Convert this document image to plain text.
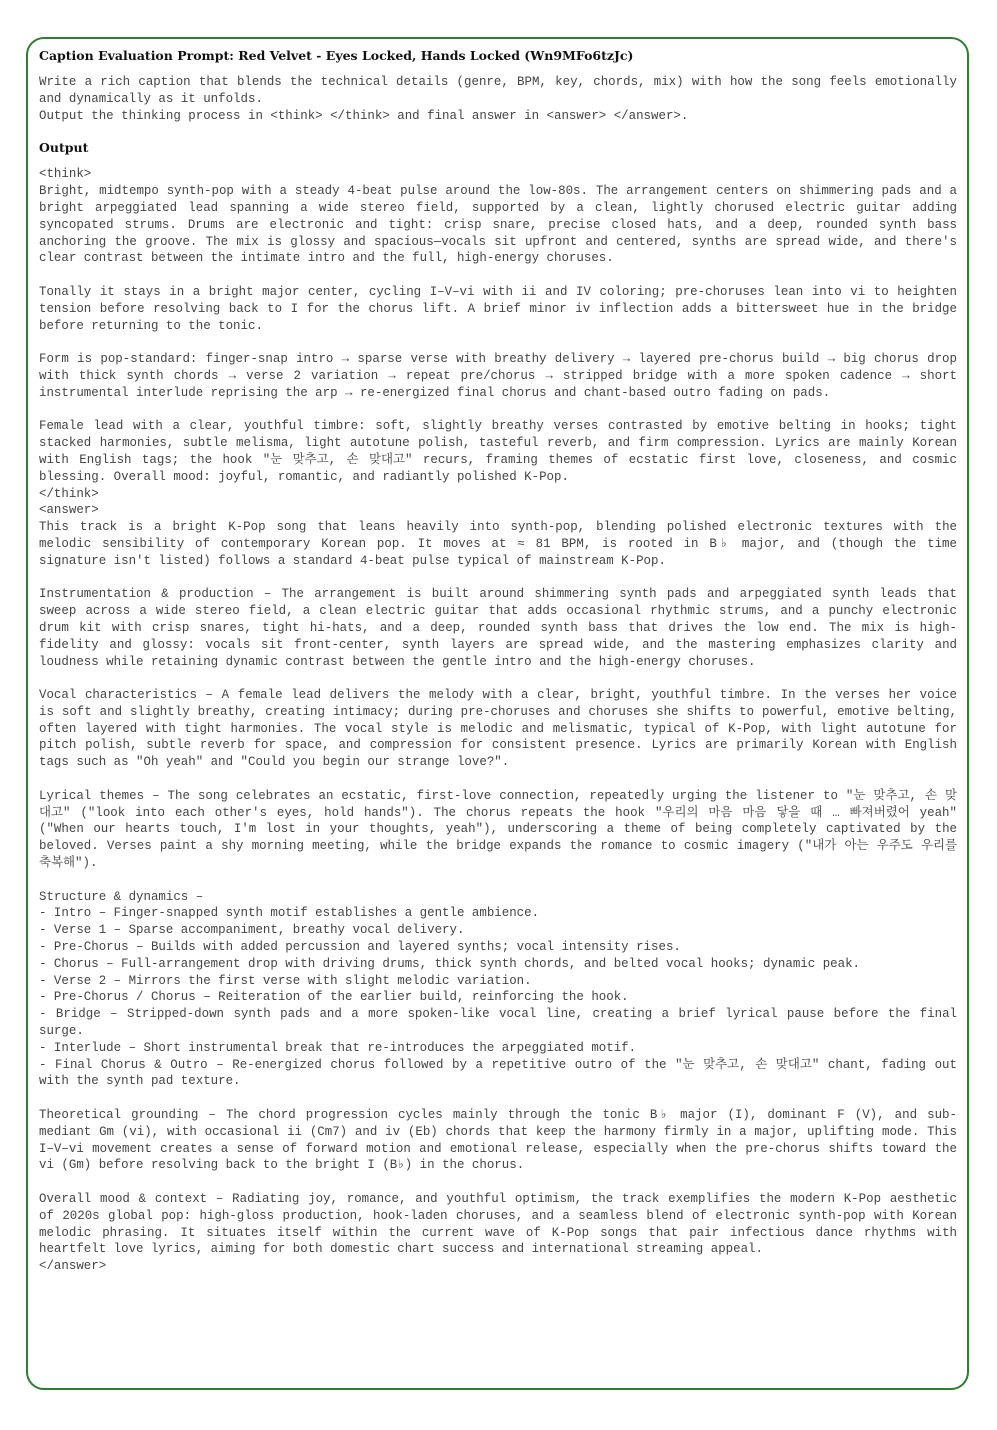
Caption Evaluation Prompt: Red Velvet - Eyes Locked, Hands Locked (Wn9MFo6tzJc)

Write a rich caption that blends the technical details (genre, BPM, key, chords, mix) with how the song feels emotionally and dynamically as it unfolds.

Output the thinking process in <think> </think> and final answer in <answer> </answer>.

Output

<think>

Bright, midtempo synth-pop with a steady 4-beat pulse around the low-80s. The arrangement centers on shimmering pads and a bright arpeggiated lead spanning a wide stereo field, supported by a clean, lightly chorused electric guitar adding syncopated strums. Drums are electronic and tight: crisp snare, precise closed hats, and a deep, rounded synth bass anchoring the groove. The mix is glossy and spacious—vocals sit upfront and centered, synths are spread wide, and there's clear contrast between the intimate intro and the full, high-energy choruses.

Tonally it stays in a bright major center, cycling I–V–vi with ii and IV coloring; pre-choruses lean into vi to heighten tension before resolving back to I for the chorus lift. A brief minor iv inflection adds a bittersweet hue in the bridge before returning to the tonic.

Form is pop-standard: finger-snap intro → sparse verse with breathy delivery → layered pre-chorus build → big chorus drop with thick synth chords → verse 2 variation → repeat pre/chorus → stripped bridge with a more spoken cadence → short instrumental interlude reprising the arp → re-energized final chorus and chant-based outro fading on pads.

Female lead with a clear, youthful timbre: soft, slightly breathy verses contrasted by emotive belting in hooks; tight stacked harmonies, subtle melisma, light autotune polish, tasteful reverb, and firm compression. Lyrics are mainly Korean with English tags; the hook "눈 맞추고, 손 맞대고" recurs, framing themes of ecstatic first love, closeness, and cosmic blessing. Overall mood: joyful, romantic, and radiantly polished K-Pop.

</think>

<answer>

This track is a bright K-Pop song that leans heavily into synth-pop, blending polished electronic textures with the melodic sensibility of contemporary Korean pop. It moves at ≈ 81 BPM, is rooted in B♭ major, and (though the time signature isn't listed) follows a standard 4-beat pulse typical of mainstream K-Pop.

Instrumentation & production – The arrangement is built around shimmering synth pads and arpeggiated synth leads that sweep across a wide stereo field, a clean electric guitar that adds occasional rhythmic strums, and a punchy electronic drum kit with crisp snares, tight hi-hats, and a deep, rounded synth bass that drives the low end. The mix is high-fidelity and glossy: vocals sit front-center, synth layers are spread wide, and the mastering emphasizes clarity and loudness while retaining dynamic contrast between the gentle intro and the high-energy choruses.

Vocal characteristics – A female lead delivers the melody with a clear, bright, youthful timbre. In the verses her voice is soft and slightly breathy, creating intimacy; during pre-choruses and choruses she shifts to powerful, emotive belting, often layered with tight harmonies. The vocal style is melodic and melismatic, typical of K-Pop, with light autotune for pitch polish, subtle reverb for space, and compression for consistent presence. Lyrics are primarily Korean with English tags such as "Oh yeah" and "Could you begin our strange love?".

Lyrical themes – The song celebrates an ecstatic, first-love connection, repeatedly urging the listener to "눈 맞추고, 손 맞대고" ("look into each other's eyes, hold hands"). The chorus repeats the hook "우리의 마음 마음 닿을 때 … 빠져버렸어 yeah" ("When our hearts touch, I'm lost in your thoughts, yeah"), underscoring a theme of being completely captivated by the beloved. Verses paint a shy morning meeting, while the bridge expands the romance to cosmic imagery ("내가 아는 우주도 우리를 축복해").

Structure & dynamics –

- Intro – Finger-snapped synth motif establishes a gentle ambience.

- Verse 1 – Sparse accompaniment, breathy vocal delivery.

- Pre-Chorus – Builds with added percussion and layered synths; vocal intensity rises.

- Chorus – Full-arrangement drop with driving drums, thick synth chords, and belted vocal hooks; dynamic peak.

- Verse 2 – Mirrors the first verse with slight melodic variation.

- Pre-Chorus / Chorus – Reiteration of the earlier build, reinforcing the hook.

- Bridge – Stripped-down synth pads and a more spoken-like vocal line, creating a brief lyrical pause before the final surge.

- Interlude – Short instrumental break that re-introduces the arpeggiated motif.

- Final Chorus & Outro – Re-energized chorus followed by a repetitive outro of the "눈 맞추고, 손 맞대고" chant, fading out with the synth pad texture.

Theoretical grounding – The chord progression cycles mainly through the tonic B♭ major (I), dominant F (V), and sub-mediant Gm (vi), with occasional ii (Cm7) and iv (Eb) chords that keep the harmony firmly in a major, uplifting mode. This I–V–vi movement creates a sense of forward motion and emotional release, especially when the pre-chorus shifts toward the vi (Gm) before resolving back to the bright I (B♭) in the chorus.

Overall mood & context – Radiating joy, romance, and youthful optimism, the track exemplifies the modern K-Pop aesthetic of 2020s global pop: high-gloss production, hook-laden choruses, and a seamless blend of electronic synth-pop with Korean melodic phrasing. It situates itself within the current wave of K-Pop songs that pair infectious dance rhythms with heartfelt love lyrics, aiming for both domestic chart success and international streaming appeal.

</answer>
